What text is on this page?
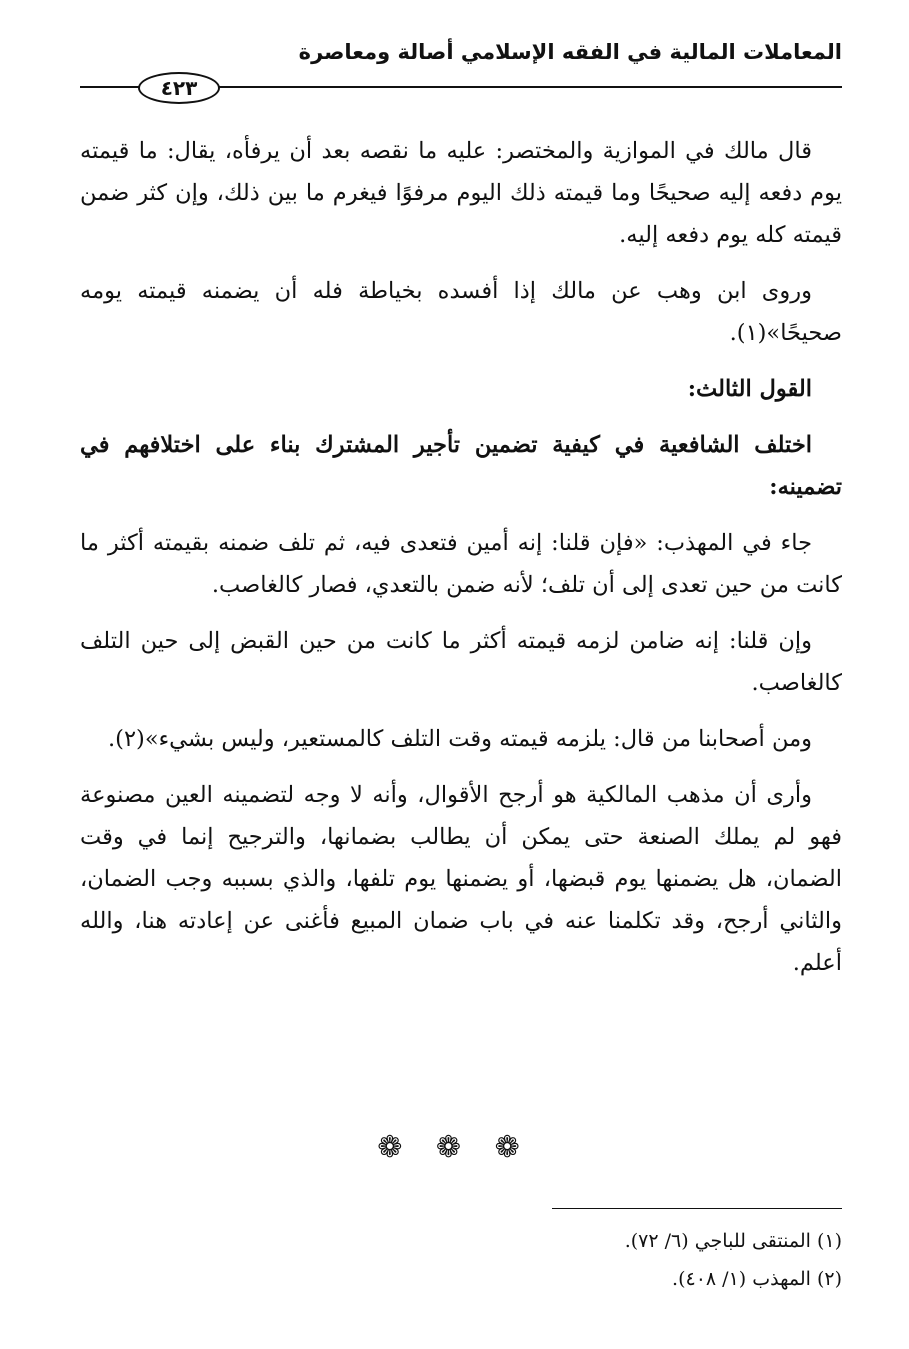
المعاملات المالية في الفقه الإسلامي أصالة ومعاصرة
٤٢٣

قال مالك في الموازية والمختصر: عليه ما نقصه بعد أن يرفأه، يقال: ما قيمته يوم دفعه إليه صحيحًا وما قيمته ذلك اليوم مرفوًا فيغرم ما بين ذلك، وإن كثر ضمن قيمته كله يوم دفعه إليه.

وروى ابن وهب عن مالك إذا أفسده بخياطة فله أن يضمنه قيمته يومه صحيحًا»(١).

القول الثالث:

اختلف الشافعية في كيفية تضمين تأجير المشترك بناء على اختلافهم في تضمينه:

جاء في المهذب: «فإن قلنا: إنه أمين فتعدى فيه، ثم تلف ضمنه بقيمته أكثر ما كانت من حين تعدى إلى أن تلف؛ لأنه ضمن بالتعدي، فصار كالغاصب.

وإن قلنا: إنه ضامن لزمه قيمته أكثر ما كانت من حين القبض إلى حين التلف كالغاصب.

ومن أصحابنا من قال: يلزمه قيمته وقت التلف كالمستعير، وليس بشيء»(٢).

وأرى أن مذهب المالكية هو أرجح الأقوال، وأنه لا وجه لتضمينه العين مصنوعة فهو لم يملك الصنعة حتى يمكن أن يطالب بضمانها، والترجيح إنما في وقت الضمان، هل يضمنها يوم قبضها، أو يضمنها يوم تلفها، والذي بسببه وجب الضمان، والثاني أرجح، وقد تكلمنا عنه في باب ضمان المبيع فأغنى عن إعادته هنا، والله أعلم.

❁ ❁ ❁
(١) المنتقى للباجي (٦/ ٧٢).
(٢) المهذب (١/ ٤٠٨).
